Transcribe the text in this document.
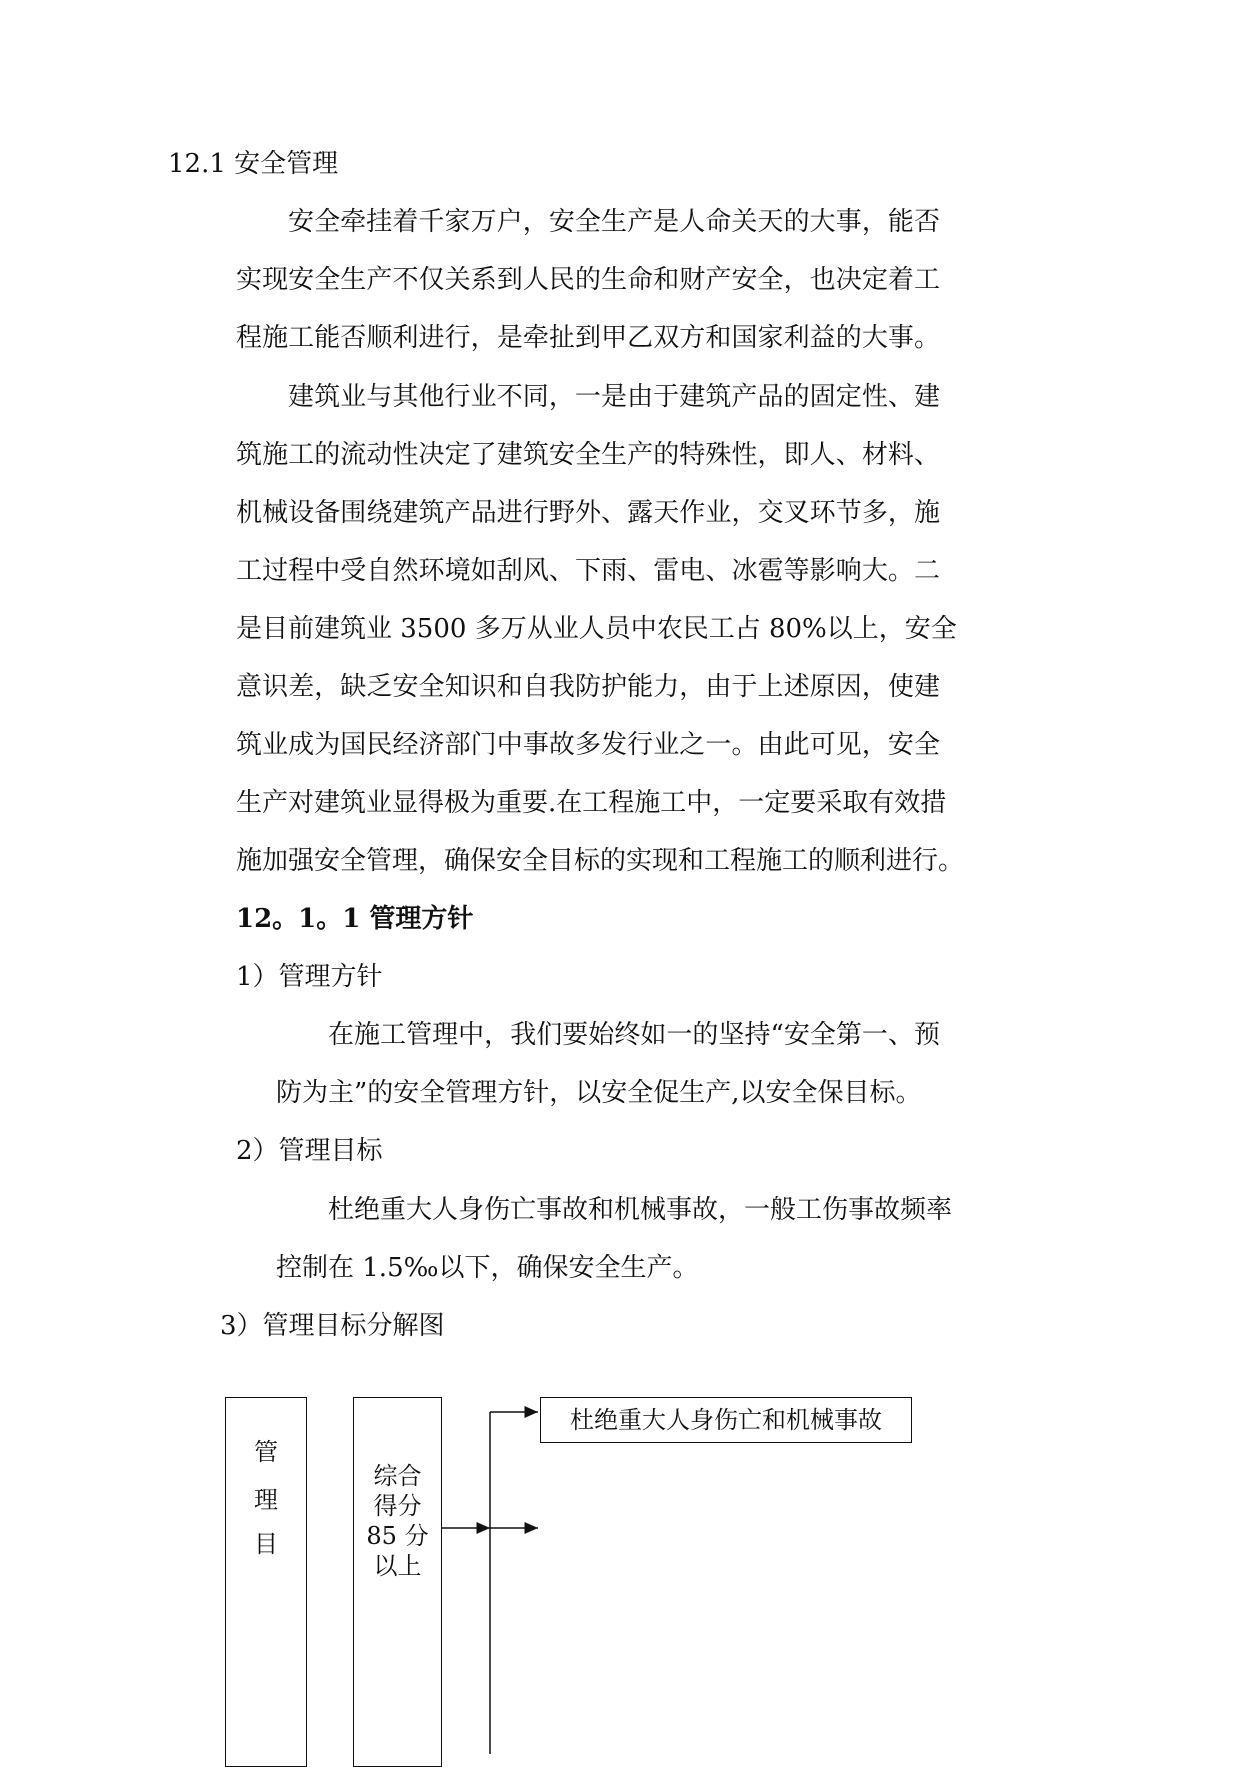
12.1 安全管理
安全牵挂着千家万户，安全生产是人命关天的大事，能否
实现安全生产不仅关系到人民的生命和财产安全，也决定着工
程施工能否顺利进行，是牵扯到甲乙双方和国家利益的大事。
建筑业与其他行业不同，一是由于建筑产品的固定性、建
筑施工的流动性决定了建筑安全生产的特殊性，即人、材料、
机械设备围绕建筑产品进行野外、露天作业，交叉环节多，施
工过程中受自然环境如刮风、下雨、雷电、冰雹等影响大。二
是目前建筑业 3500 多万从业人员中农民工占 80%以上，安全
意识差，缺乏安全知识和自我防护能力，由于上述原因，使建
筑业成为国民经济部门中事故多发行业之一。由此可见，安全
生产对建筑业显得极为重要.在工程施工中，一定要采取有效措
施加强安全管理，确保安全目标的实现和工程施工的顺利进行。
12。1。1 管理方针
1）管理方针
在施工管理中，我们要始终如一的坚持“安全第一、预
防为主”的安全管理方针，以安全促生产,以安全保目标。
2）管理目标
杜绝重大人身伤亡事故和机械事故，一般工伤事故频率
控制在 1.5‰以下，确保安全生产。
3）管理目标分解图
管
理
目
综合
得分
85 分
以上
杜绝重大人身伤亡和机械事故
